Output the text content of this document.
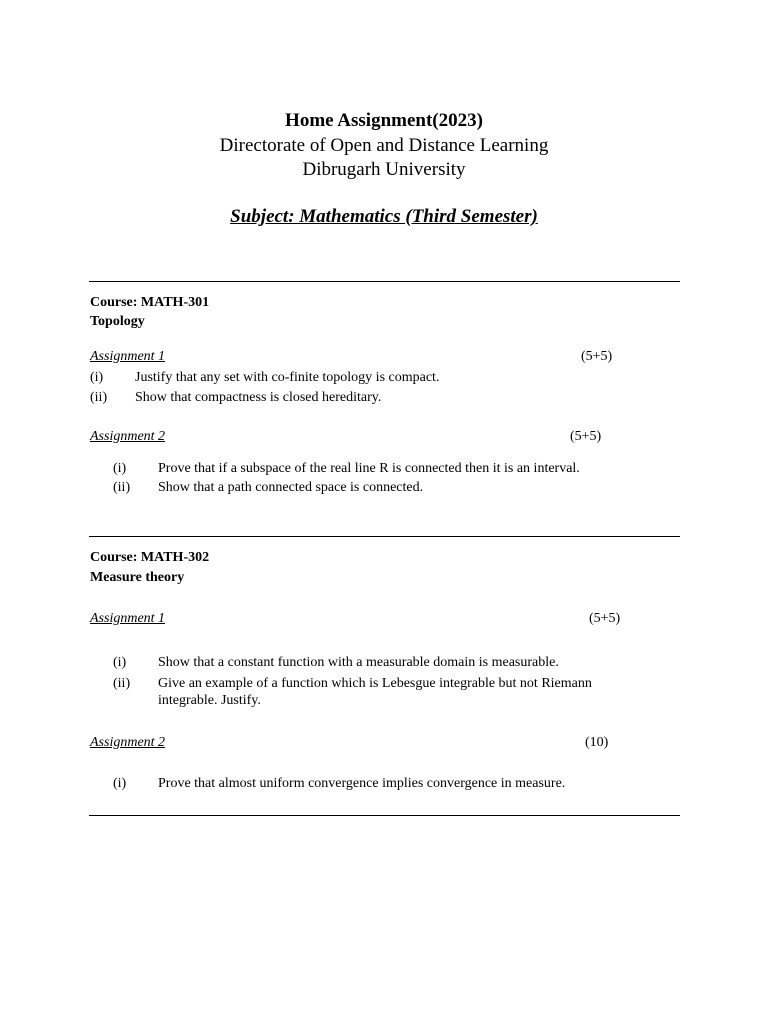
Home Assignment(2023)
Directorate of Open and Distance Learning
Dibrugarh University
Subject: Mathematics (Third Semester)
Course: MATH-301
Topology
Assignment 1	(5+5)
(i) Justify that any set with co-finite topology is compact.
(ii) Show that compactness is closed hereditary.
Assignment 2	(5+5)
(i) Prove that if a subspace of the real line R is connected then it is an interval.
(ii) Show that a path connected space is connected.
Course: MATH-302
Measure theory
Assignment 1	(5+5)
(i) Show that a constant function with a measurable domain is measurable.
(ii) Give an example of a function which is Lebesgue integrable but not Riemann integrable. Justify.
Assignment 2	(10)
(i) Prove that almost uniform convergence implies convergence in measure.
